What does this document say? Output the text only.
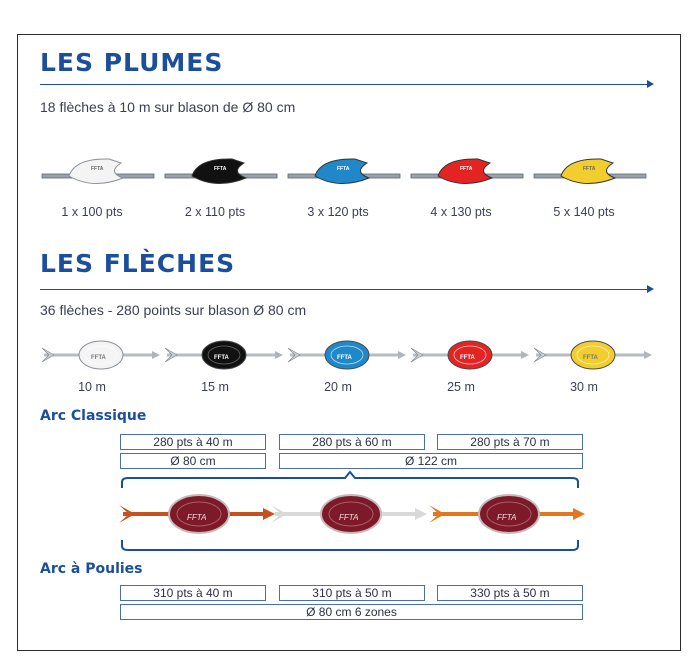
LES PLUMES
18 flèches à 10 m sur blason de Ø 80 cm
FFTA	FFTA	FFTA	FFTA	FFTA
FFTA	FFTA	FFTA	FFTA	FFTA
FFTA	FFTA	FFTA
1 x 100 pts	2 x 110 pts	3 x 120 pts	4 x 130 pts	5 x 140 pts
LES FLÈCHES
36 flèches - 280 points sur blason Ø 80 cm
10 m	15 m	20 m	25 m	30 m
Arc Classique
280 pts à 40 m	280 pts à 60 m	280 pts à 70 m
Ø 80 cm	Ø 122 cm
Arc à Poulies
310 pts à 40 m	310 pts à 50 m	330 pts à 50 m
Ø 80 cm 6 zones
